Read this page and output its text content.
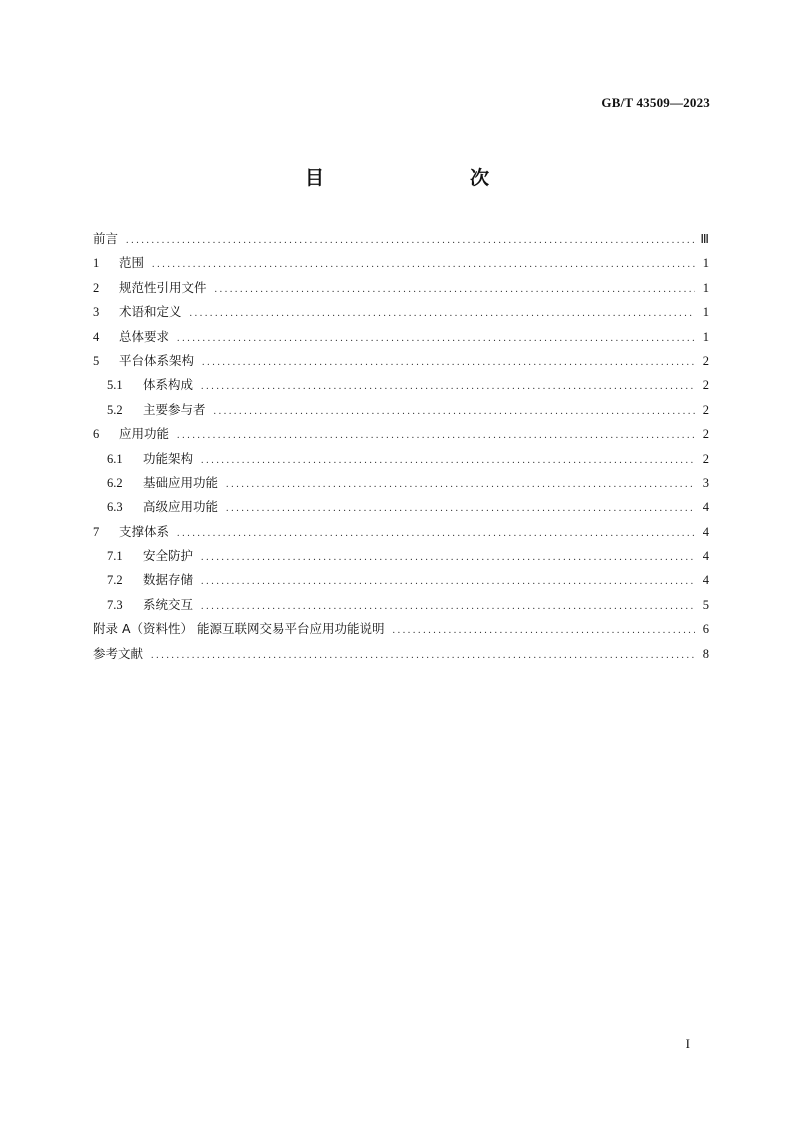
GB/T 43509—2023
目　　次
前言 .....	Ⅲ
1	范围 .....	1
2	规范性引用文件 .....	1
3	术语和定义 .....	1
4	总体要求 .....	1
5	平台体系架构 .....	2
5.1	体系构成 .....	2
5.2	主要参与者 .....	2
6	应用功能 .....	2
6.1	功能架构 .....	2
6.2	基础应用功能 .....	3
6.3	高级应用功能 .....	4
7	支撑体系 .....	4
7.1	安全防护 .....	4
7.2	数据存储 .....	4
7.3	系统交互 .....	5
附录 A（资料性） 能源互联网交易平台应用功能说明 .....	6
参考文献 .....	8
I
